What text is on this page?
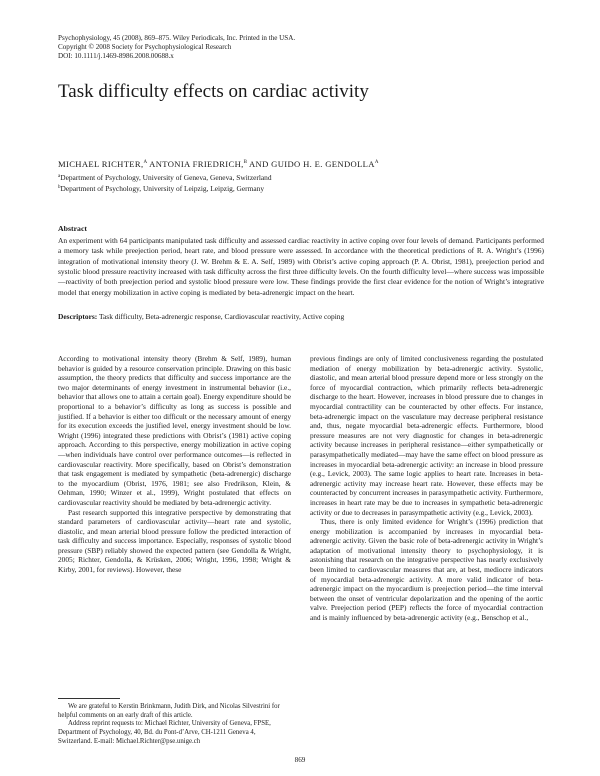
Psychophysiology, 45 (2008), 869–875. Wiley Periodicals, Inc. Printed in the USA.
Copyright © 2008 Society for Psychophysiological Research
DOI: 10.1111/j.1469-8986.2008.00688.x
Task difficulty effects on cardiac activity
MICHAEL RICHTER,$^A$ ANTONIA FRIEDRICH,$^B$ AND GUIDO H. E. $GENDOLLA^A$
$^a$Department of Psychology, University of Geneva, Geneva, Switzerland
$^b$Department of Psychology, University of Leipzig, Leipzig, Germany
Abstract

An experiment with 64 participants manipulated task difficulty and assessed cardiac reactivity in active coping over four levels of demand. Participants performed a memory task while preejection period, heart rate, and blood pressure were assessed. In accordance with the theoretical predictions of R. A. Wright’s (1996) integration of motivational intensity theory (J. W. Brehm & E. A. Self, 1989) with Obrist’s active coping approach (P. A. Obrist, 1981), preejection period and systolic blood pressure reactivity increased with task difficulty across the first three difficulty levels. On the fourth difficulty level—where success was impossible—reactivity of both preejection period and systolic blood pressure were low. These findings provide the first clear evidence for the notion of Wright’s integrative model that energy mobilization in active coping is mediated by beta-adrenergic impact on the heart.

Descriptors: Task difficulty, Beta-adrenergic response, Cardiovascular reactivity, Active coping

According to motivational intensity theory (Brehm & Self, 1989), human behavior is guided by a resource conservation principle. Drawing on this basic assumption, the theory predicts that difficulty and success importance are the two major determinants of energy investment in instrumental behavior (i.e., behavior that allows one to attain a certain goal). Energy expenditure should be proportional to a behavior’s difficulty as long as success is possible and justified. If a behavior is either too difficult or the necessary amount of energy for its execution exceeds the justified level, energy investment should be low. Wright (1996) integrated these predictions with Obrist’s (1981) active coping approach. According to this perspective, energy mobilization in active coping—when individuals have control over performance outcomes—is reflected in cardiovascular reactivity. More specifically, based on Obrist’s demonstration that task engagement is mediated by sympathetic (beta-adrenergic) discharge to the myocardium (Obrist, 1976, 1981; see also Fredrikson, Klein, & Oehman, 1990; Winzer et al., 1999), Wright postulated that effects on cardiovascular reactivity should be mediated by beta-adrenergic activity.

Past research supported this integrative perspective by demonstrating that standard parameters of cardiovascular activity—heart rate and systolic, diastolic, and mean arterial blood pressure follow the predicted interaction of task difficulty and success importance. Especially, responses of systolic blood pressure (SBP) reliably showed the expected pattern (see Gendolla & Wright, 2005; Richter, Gendolla, & Krüsken, 2006; Wright, 1996, 1998; Wright & Kirby, 2001, for reviews). However, these

previous findings are only of limited conclusiveness regarding the postulated mediation of energy mobilization by beta-adrenergic activity. Systolic, diastolic, and mean arterial blood pressure depend more or less strongly on the force of myocardial contraction, which primarily reflects beta-adrenergic discharge to the heart. However, increases in blood pressure due to changes in myocardial contractility can be counteracted by other effects. For instance, beta-adrenergic impact on the vasculature may decrease peripheral resistance and, thus, negate myocardial beta-adrenergic effects. Furthermore, blood pressure measures are not very diagnostic for changes in beta-adrenergic activity because increases in peripheral resistance—either sympathetically or parasympathetically mediated—may have the same effect on blood pressure as increases in myocardial beta-adrenergic activity: an increase in blood pressure (e.g., Levick, 2003). The same logic applies to heart rate. Increases in beta-adrenergic activity may increase heart rate. However, these effects may be counteracted by concurrent increases in parasympathetic activity. Furthermore, increases in heart rate may be due to increases in sympathetic beta-adrenergic activity or due to decreases in parasympathetic activity (e.g., Levick, 2003).

Thus, there is only limited evidence for Wright’s (1996) prediction that energy mobilization is accompanied by increases in myocardial beta-adrenergic activity. Given the basic role of beta-adrenergic activity in Wright’s adaptation of motivational intensity theory to psychophysiology, it is astonishing that research on the integrative perspective has nearly exclusively been limited to cardiovascular measures that are, at best, mediocre indicators of myocardial beta-adrenergic activity. A more valid indicator of beta-adrenergic impact on the myocardium is preejection period—the time interval between the onset of ventricular depolarization and the opening of the aortic valve. Preejection period (PEP) reflects the force of myocardial contraction and is mainly influenced by beta-adrenergic activity (e.g., Benschop et al.,

We are grateful to Kerstin Brinkmann, Judith Dirk, and Nicolas Silvestrini for helpful comments on an early draft of this article.

Address reprint requests to: Michael Richter, University of Geneva, FPSE, Department of Psychology, 40, Bd. du Pont-d’Arve, CH-1211 Geneva 4, Switzerland. E-mail: Michael.Richter@pse.unige.ch

869
